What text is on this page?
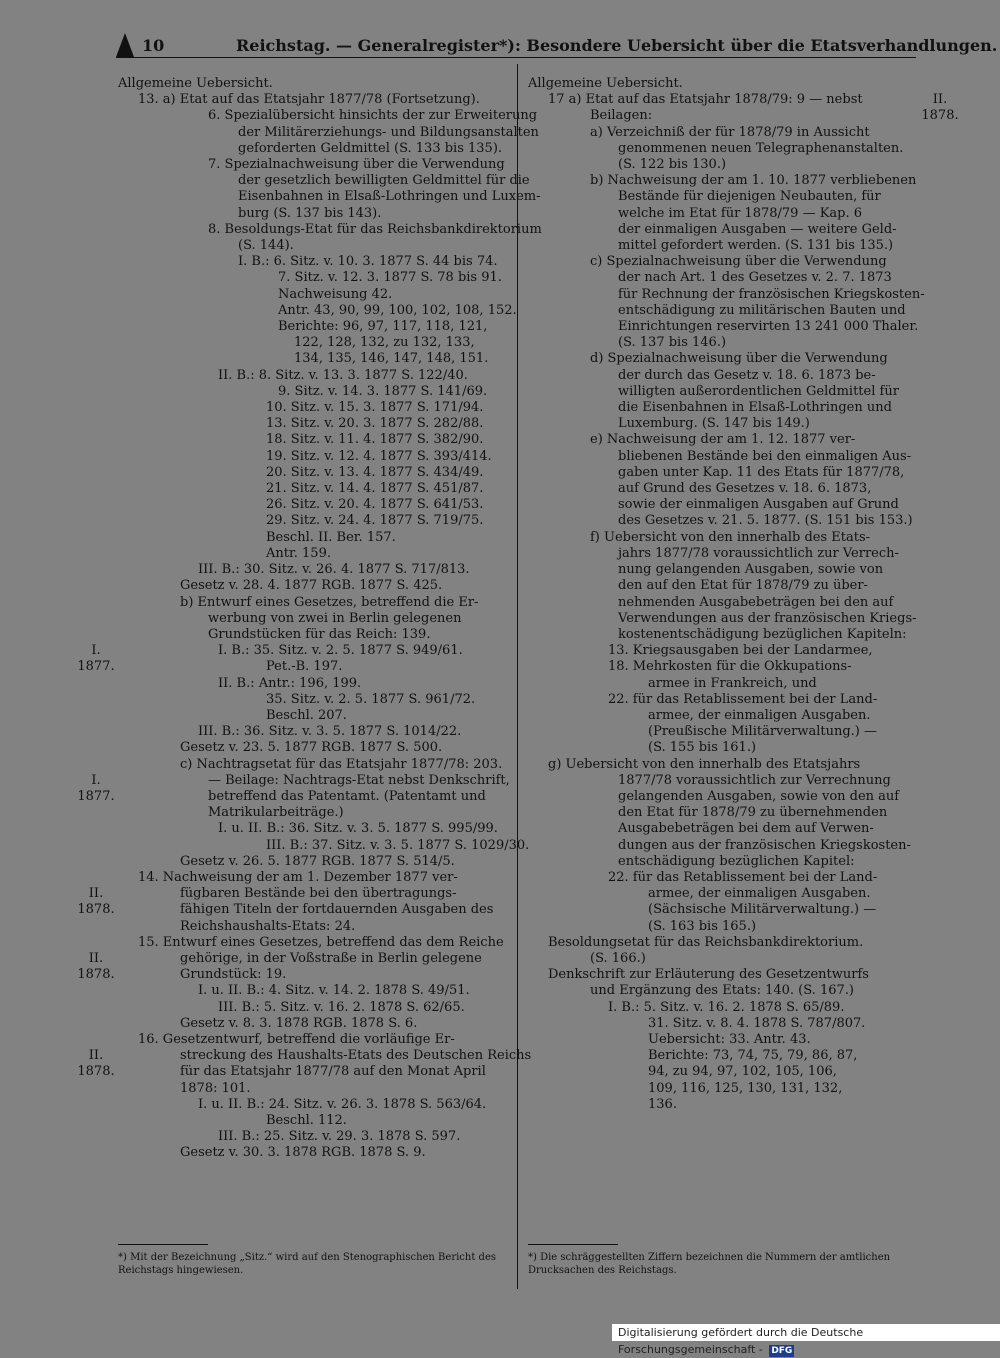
10	Reichstag. — Generalregister*): Besondere Uebersicht über die Etatsverhandlungen.
Allgemeine Uebersicht.
13. a) Etat auf das Etatsjahr 1877/78 (Fortsetzung).
6. Spezialübersicht hinsichts der zur Erweiterung
der Militärerziehungs- und Bildungsanstalten
geforderten Geldmittel (S. 133 bis 135).
7. Spezialnachweisung über die Verwendung
der gesetzlich bewilligten Geldmittel für die
Eisenbahnen in Elsaß-Lothringen und Luxem-
burg (S. 137 bis 143).
8. Besoldungs-Etat für das Reichsbankdirektorium
(S. 144).
I. B.: 6. Sitz. v. 10. 3. 1877 S. 44 bis 74.
7. Sitz. v. 12. 3. 1877 S. 78 bis 91.
Nachweisung 42.
Antr. 43, 90, 99, 100, 102, 108, 152.
Berichte: 96, 97, 117, 118, 121,
122, 128, 132, zu 132, 133,
134, 135, 146, 147, 148, 151.
II. B.: 8. Sitz. v. 13. 3. 1877 S. 122/40.
9. Sitz. v. 14. 3. 1877 S. 141/69.
10. Sitz. v. 15. 3. 1877 S. 171/94.
13. Sitz. v. 20. 3. 1877 S. 282/88.
18. Sitz. v. 11. 4. 1877 S. 382/90.
19. Sitz. v. 12. 4. 1877 S. 393/414.
20. Sitz. v. 13. 4. 1877 S. 434/49.
21. Sitz. v. 14. 4. 1877 S. 451/87.
26. Sitz. v. 20. 4. 1877 S. 641/53.
29. Sitz. v. 24. 4. 1877 S. 719/75.
Beschl. II. Ber. 157.
Antr. 159.
III. B.: 30. Sitz. v. 26. 4. 1877 S. 717/813.
Gesetz v. 28. 4. 1877 RGB. 1877 S. 425.
b) Entwurf eines Gesetzes, betreffend die Er-
werbung von zwei in Berlin gelegenen
Grundstücken für das Reich: 139.
I. B.: 35. Sitz. v. 2. 5. 1877 S. 949/61.
Pet.-B. 197.
II. B.: Antr.: 196, 199.
35. Sitz. v. 2. 5. 1877 S. 961/72.
Beschl. 207.
III. B.: 36. Sitz. v. 3. 5. 1877 S. 1014/22.
Gesetz v. 23. 5. 1877 RGB. 1877 S. 500.
c) Nachtragsetat für das Etatsjahr 1877/78: 203.
— Beilage: Nachtrags-Etat nebst Denkschrift,
betreffend das Patentamt. (Patentamt und
Matrikularbeiträge.)
I. u. II. B.: 36. Sitz. v. 3. 5. 1877 S. 995/99.
III. B.: 37. Sitz. v. 3. 5. 1877 S. 1029/30.
Gesetz v. 26. 5. 1877 RGB. 1877 S. 514/5.
14. Nachweisung der am 1. Dezember 1877 ver-
fügbaren Bestände bei den übertragungs-
fähigen Titeln der fortdauernden Ausgaben des
Reichshaushalts-Etats: 24.
15. Entwurf eines Gesetzes, betreffend das dem Reiche
gehörige, in der Voßstraße in Berlin gelegene
Grundstück: 19.
I. u. II. B.: 4. Sitz. v. 14. 2. 1878 S. 49/51.
III. B.: 5. Sitz. v. 16. 2. 1878 S. 62/65.
Gesetz v. 8. 3. 1878 RGB. 1878 S. 6.
16. Gesetzentwurf, betreffend die vorläufige Er-
streckung des Haushalts-Etats des Deutschen Reichs
für das Etatsjahr 1877/78 auf den Monat April
1878: 101.
I. u. II. B.: 24. Sitz. v. 26. 3. 1878 S. 563/64.
Beschl. 112.
III. B.: 25. Sitz. v. 29. 3. 1878 S. 597.
Gesetz v. 30. 3. 1878 RGB. 1878 S. 9.
Allgemeine Uebersicht.
17 a) Etat auf das Etatsjahr 1878/79: 9 — nebst
Beilagen:
a) Verzeichniß der für 1878/79 in Aussicht
genommenen neuen Telegraphenanstalten.
(S. 122 bis 130.)
b) Nachweisung der am 1. 10. 1877 verbliebenen
Bestände für diejenigen Neubauten, für
welche im Etat für 1878/79 — Kap. 6
der einmaligen Ausgaben — weitere Geld-
mittel gefordert werden. (S. 131 bis 135.)
c) Spezialnachweisung über die Verwendung
der nach Art. 1 des Gesetzes v. 2. 7. 1873
für Rechnung der französischen Kriegskosten-
entschädigung zu militärischen Bauten und
Einrichtungen reservirten 13 241 000 Thaler.
(S. 137 bis 146.)
d) Spezialnachweisung über die Verwendung
der durch das Gesetz v. 18. 6. 1873 be-
willigten außerordentlichen Geldmittel für
die Eisenbahnen in Elsaß-Lothringen und
Luxemburg. (S. 147 bis 149.)
e) Nachweisung der am 1. 12. 1877 ver-
bliebenen Bestände bei den einmaligen Aus-
gaben unter Kap. 11 des Etats für 1877/78,
auf Grund des Gesetzes v. 18. 6. 1873,
sowie der einmaligen Ausgaben auf Grund
des Gesetzes v. 21. 5. 1877. (S. 151 bis 153.)
f) Uebersicht von den innerhalb des Etats-
jahrs 1877/78 voraussichtlich zur Verrech-
nung gelangenden Ausgaben, sowie von
den auf den Etat für 1878/79 zu über-
nehmenden Ausgabebeträgen bei den auf
Verwendungen aus der französischen Kriegs-
kostenentschädigung bezüglichen Kapiteln:
13. Kriegsausgaben bei der Landarmee,
18. Mehrkosten für die Okkupations-
armee in Frankreich, und
22. für das Retablissement bei der Land-
armee, der einmaligen Ausgaben.
(Preußische Militärverwaltung.) —
(S. 155 bis 161.)
g) Uebersicht von den innerhalb des Etatsjahrs
1877/78 voraussichtlich zur Verrechnung
gelangenden Ausgaben, sowie von den auf
den Etat für 1878/79 zu übernehmenden
Ausgabebeträgen bei dem auf Verwen-
dungen aus der französischen Kriegskosten-
entschädigung bezüglichen Kapitel:
22. für das Retablissement bei der Land-
armee, der einmaligen Ausgaben.
(Sächsische Militärverwaltung.) —
(S. 163 bis 165.)
Besoldungsetat für das Reichsbankdirektorium.
(S. 166.)
Denkschrift zur Erläuterung des Gesetzentwurfs
und Ergänzung des Etats: 140. (S. 167.)
I. B.: 5. Sitz. v. 16. 2. 1878 S. 65/89.
31. Sitz. v. 8. 4. 1878 S. 787/807.
Uebersicht: 33. Antr. 43.
Berichte: 73, 74, 75, 79, 86, 87,
94, zu 94, 97, 102, 105, 106,
109, 116, 125, 130, 131, 132,
136.
I.
1877.
I.
1877.
II.
1878.
II.
1878.
II.
1878.
II.
1878.
*) Mit der Bezeichnung „Sitz.“ wird auf den Stenographischen Bericht des Reichstags hingewiesen.
*) Die schräggestellten Ziffern bezeichnen die Nummern der amtlichen Drucksachen des Reichstags.
Digitalisierung gefördert durch die Deutsche Forschungsgemeinschaft - DFG
